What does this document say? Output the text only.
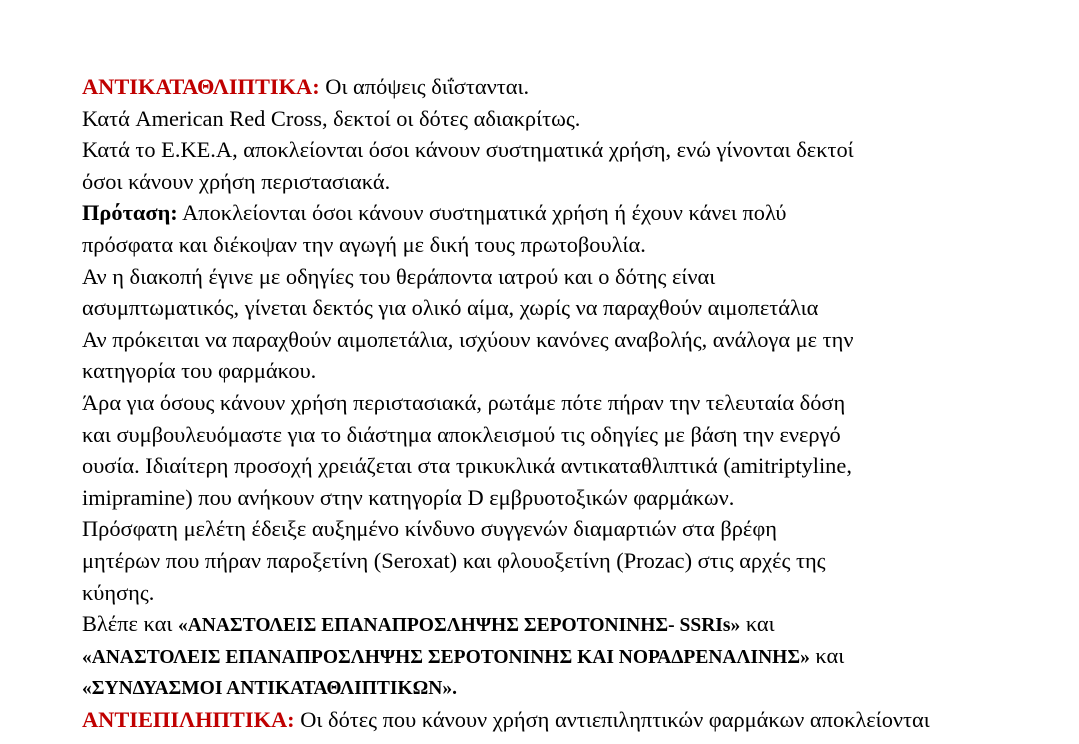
ΑΝΤΙΚΑΤΑΘΛΙΠΤΙΚΑ: Οι απόψεις διΐστανται.
Κατά American Red Cross, δεκτοί οι δότες αδιακρίτως.
Κατά το Ε.ΚΕ.Α, αποκλείονται όσοι κάνουν συστηματικά χρήση, ενώ γίνονται δεκτοί
όσοι κάνουν χρήση περιστασιακά.
Πρόταση: Αποκλείονται όσοι κάνουν συστηματικά χρήση ή έχουν κάνει πολύ
πρόσφατα και διέκοψαν την αγωγή με δική τους πρωτοβουλία.
Αν η διακοπή έγινε με οδηγίες του θεράποντα ιατρού και ο δότης είναι
ασυμπτωματικός, γίνεται δεκτός για ολικό αίμα, χωρίς να παραχθούν αιμοπετάλια
Αν πρόκειται να παραχθούν αιμοπετάλια, ισχύουν κανόνες αναβολής, ανάλογα με την
κατηγορία του φαρμάκου.
Άρα για όσους κάνουν χρήση περιστασιακά, ρωτάμε πότε πήραν την τελευταία δόση
και συμβουλευόμαστε για το διάστημα αποκλεισμού τις οδηγίες με βάση την ενεργό
ουσία. Ιδιαίτερη προσοχή χρειάζεται στα τρικυκλικά αντικαταθλιπτικά (amitriptyline,
imipramine) που ανήκουν στην κατηγορία D εμβρυοτοξικών φαρμάκων.
Πρόσφατη μελέτη έδειξε αυξημένο κίνδυνο συγγενών διαμαρτιών στα βρέφη
μητέρων που πήραν παροξετίνη (Seroxat) και φλουοξετίνη (Prozac) στις αρχές της
κύησης.
Βλέπε και «ΑΝΑΣΤΟΛΕΙΣ ΕΠΑΝΑΠΡΟΣΛΗΨΗΣ ΣΕΡΟΤΟΝΙΝΗΣ- SSRIs» και
«ΑΝΑΣΤΟΛΕΙΣ ΕΠΑΝΑΠΡΟΣΛΗΨΗΣ ΣΕΡΟΤΟΝΙΝΗΣ ΚΑΙ ΝΟΡΑΔΡΕΝΑΛΙΝΗΣ» και
«ΣΥΝΔΥΑΣΜΟΙ ΑΝΤΙΚΑΤΑΘΛΙΠΤΙΚΩΝ».
ΑΝΤΙΕΠΙΛΗΠΤΙΚΑ: Οι δότες που κάνουν χρήση αντιεπιληπτικών φαρμάκων αποκλείονται
